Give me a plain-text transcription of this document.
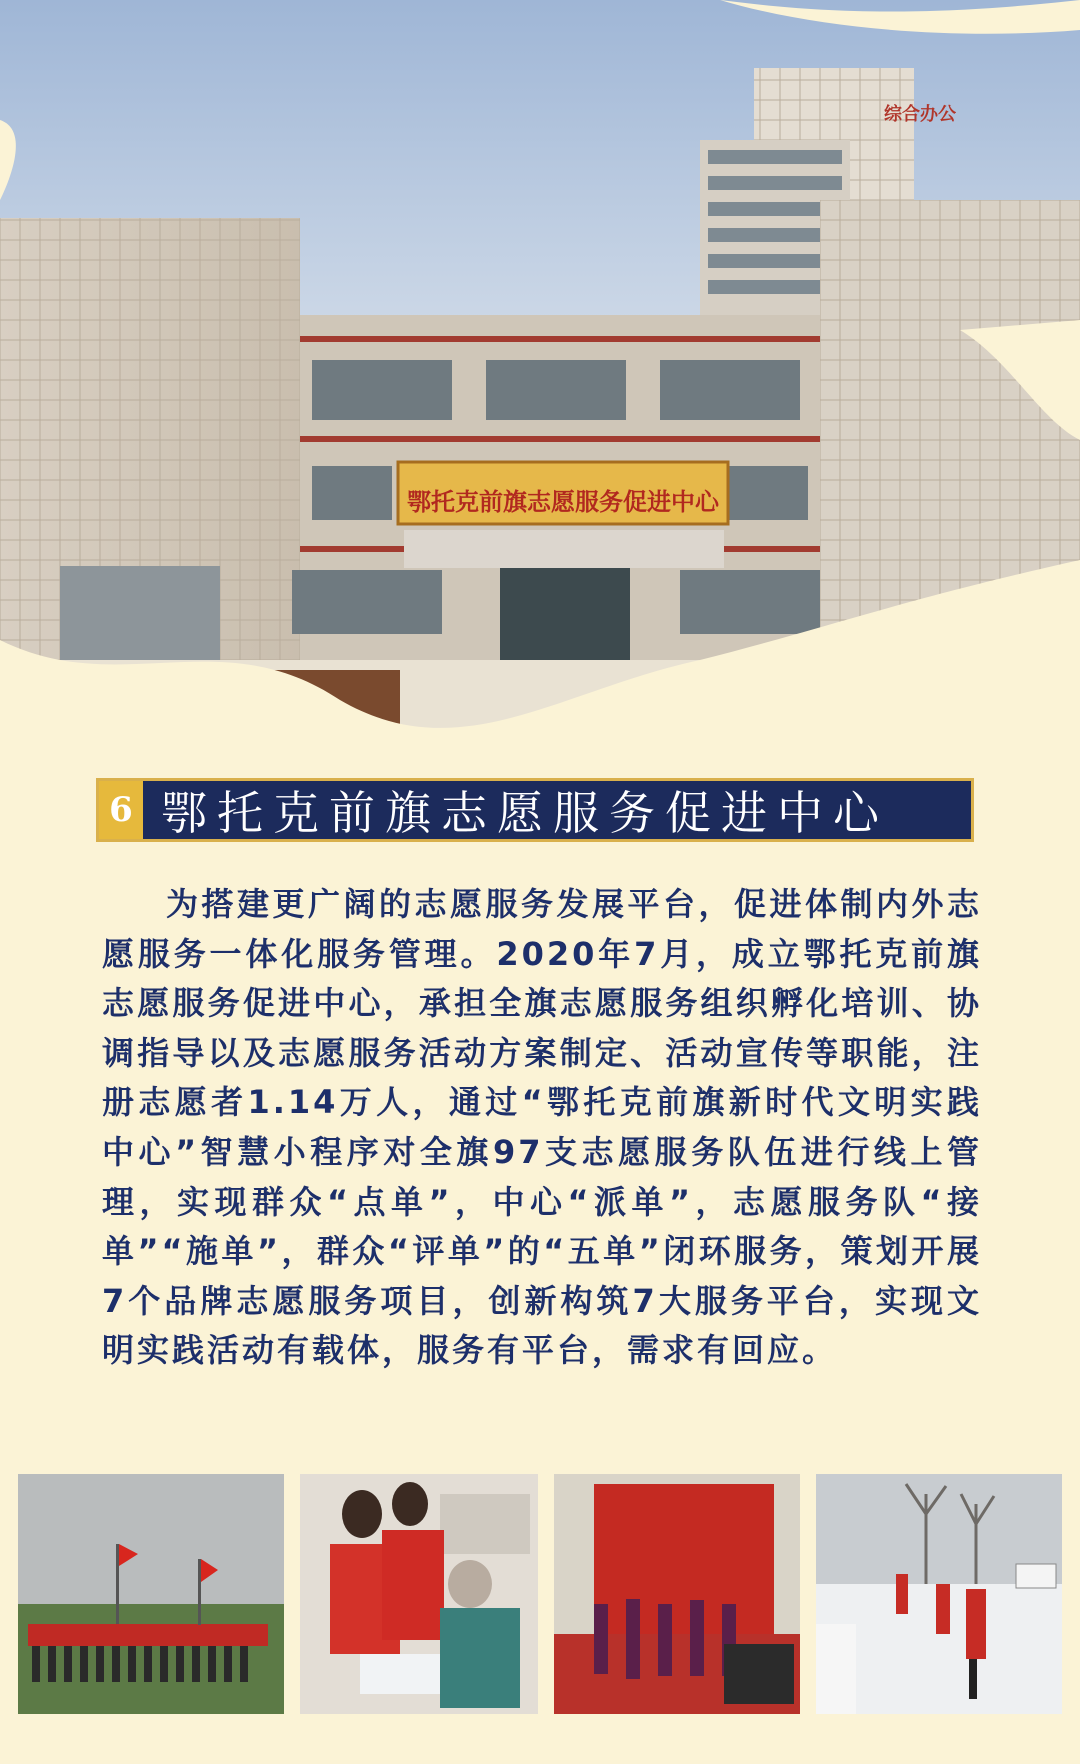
综合办公
鄂托克前旗志愿服务促进中心
6 鄂托克前旗志愿服务促进中心

为搭建更广阔的志愿服务发展平台，促进体制内外志愿服务一体化服务管理。2020年7月，成立鄂托克前旗志愿服务促进中心，承担全旗志愿服务组织孵化培训、协调指导以及志愿服务活动方案制定、活动宣传等职能，注册志愿者1.14万人，通过“鄂托克前旗新时代文明实践中心”智慧小程序对全旗97支志愿服务队伍进行线上管理，实现群众“点单”，中心“派单”，志愿服务队“接单”“施单”，群众“评单”的“五单”闭环服务，策划开展7个品牌志愿服务项目，创新构筑7大服务平台，实现文明实践活动有载体，服务有平台，需求有回应。
